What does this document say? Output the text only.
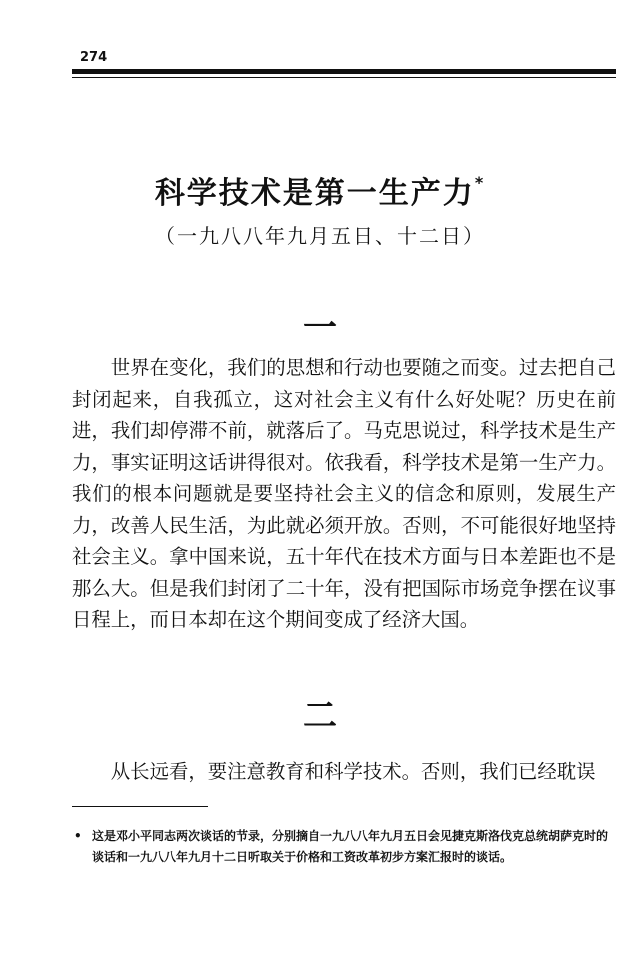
274
科学技术是第一生产力*
（一九八八年九月五日、十二日）
一

世界在变化，我们的思想和行动也要随之而变。过去把自己封闭起来，自我孤立，这对社会主义有什么好处呢？历史在前进，我们却停滞不前，就落后了。马克思说过，科学技术是生产力，事实证明这话讲得很对。依我看，科学技术是第一生产力。我们的根本问题就是要坚持社会主义的信念和原则，发展生产力，改善人民生活，为此就必须开放。否则，不可能很好地坚持社会主义。拿中国来说，五十年代在技术方面与日本差距也不是那么大。但是我们封闭了二十年，没有把国际市场竞争摆在议事日程上，而日本却在这个期间变成了经济大国。

二

从长远看，要注意教育和科学技术。否则，我们已经耽误

• 这是邓小平同志两次谈话的节录，分别摘自一九八八年九月五日会见捷克斯洛伐克总统胡萨克时的谈话和一九八八年九月十二日听取关于价格和工资改革初步方案汇报时的谈话。
